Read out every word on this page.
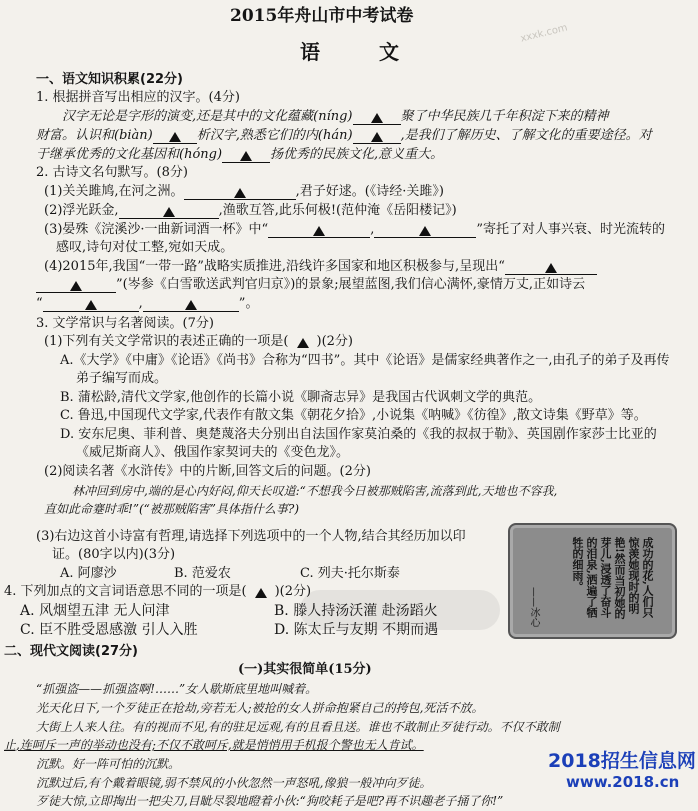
xxxk.com
2015年舟山市中考试卷
语 文
一、语文知识积累(22分)
1. 根据拼音写出相应的汉字。(4分)
汉字无论是字形的演变,还是其中的文化蕴藏(níng)	聚了中华民族几千年积淀下来的精神
财富。认识和(biàn)	析汉字,熟悉它们的内(hán)	,是我们了解历史、了解文化的重要途径。对
于继承优秀的文化基因和(hóng)	扬优秀的民族文化,意义重大。
2. 古诗文名句默写。(8分)
(1)关关雎鸠,在河之洲。	,君子好逑。(《诗经·关雎》)
(2)浮光跃金,	,渔歌互答,此乐何极!(范仲淹《岳阳楼记》)
(3)晏殊《浣溪沙·一曲新词酒一杯》中“	,	”寄托了对人事兴衰、时光流转的
感叹,诗句对仗工整,宛如天成。
(4)2015年,我国“一带一路”战略实质推进,沿线许多国家和地区积极参与,呈现出“
”(岑参《白雪歌送武判官归京》)的景象;展望蓝图,我们信心满怀,豪情万丈,正如诗云
“	,	”。
3. 文学常识与名著阅读。(7分)
(1)下列有关文学常识的表述正确的一项是( )(2分)
A.《大学》《中庸》《论语》《尚书》合称为“四书”。其中《论语》是儒家经典著作之一,由孔子的弟子及再传
弟子编写而成。
B. 蒲松龄,清代文学家,他创作的长篇小说《聊斋志异》是我国古代讽刺文学的典范。
C. 鲁迅,中国现代文学家,代表作有散文集《朝花夕拾》,小说集《呐喊》《彷徨》,散文诗集《野草》等。
D. 安东尼奥、菲利普、奥楚蔑洛夫分别出自法国作家莫泊桑的《我的叔叔于勒》、英国剧作家莎士比亚的
《威尼斯商人》、俄国作家契诃夫的《变色龙》。
(2)阅读名著《水浒传》中的片断,回答文后的问题。(2分)
林冲回到房中,端的是心内好闷,仰天长叹道:“不想我今日被那贼陷害,流落到此,天地也不容我,
直如此命蹇时乖!”(“被那贼陷害”具体指什么事?)
(3)右边这首小诗富有哲理,请选择下列选项中的一个人物,结合其经历加以印
证。(80字以内)(3分)
A. 阿廖沙	B. 范爱农	C. 列夫·托尔斯泰
4. 下列加点的文言词语意思不同的一项是( )(2分)
A. 风烟望五津 无人问津	B. 滕人持汤沃灌 赴汤蹈火
C. 臣不胜受恩感激 引人入胜	D. 陈太丘与友期 不期而遇
成功的花,人们只惊羡她现时的明艳!然而当初她的芽儿,浸透了奋斗的泪泉,洒遍了牺牲的细雨。
——冰心
二、现代文阅读(27分)
(一)其实很简单(15分)
“抓强盗——抓强盗啊!……”女人歇斯底里地叫喊着。
光天化日下,一个歹徒正在抢劫,旁若无人;被抢的女人拼命抱紧自己的挎包,死活不放。
大街上人来人往。有的视而不见,有的驻足远观,有的且看且送。谁也不敢制止歹徒行动。不仅不敢制
止,连呵斥一声的举动也没有;不仅不敢呵斥,就是悄悄用手机报个警也无人肯试。
沉默。好一阵可怕的沉默。
沉默过后,有个戴着眼镜,弱不禁风的小伙忽然一声怒吼,像狼一般冲向歹徒。
歹徒大惊,立即掏出一把尖刀,目眦尽裂地瞪着小伙:“狗咬耗子是吧?再不识趣老子捅了你!”
2018招生信息网
www.2018.cn
